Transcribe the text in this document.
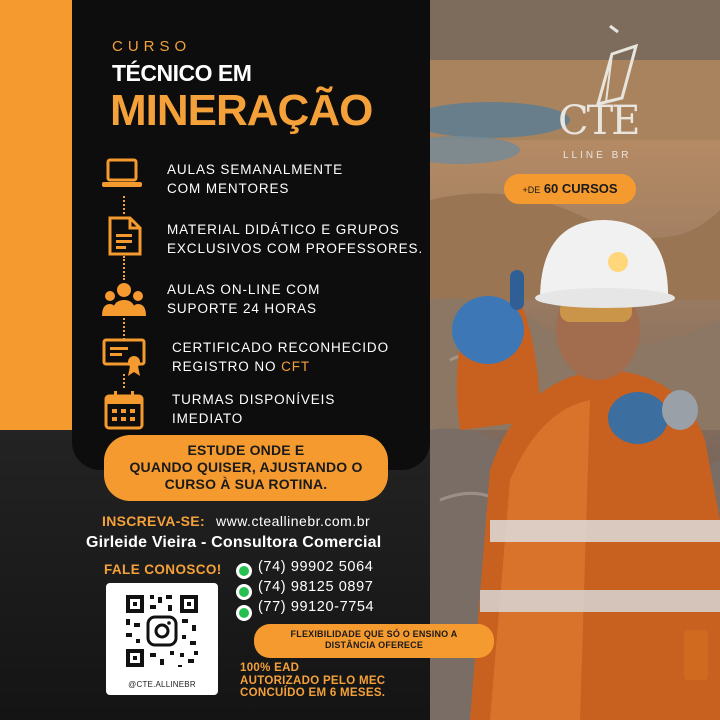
CTE
LLINE BR
+DE 60 CURSOS
CURSO
TÉCNICO EM
MINERAÇÃO
AULAS SEMANALMENTE
COM MENTORES
MATERIAL DIDÁTICO E GRUPOS
EXCLUSIVOS COM PROFESSORES.
AULAS ON-LINE COM
SUPORTE 24 HORAS
CERTIFICADO RECONHECIDO
REGISTRO NO CFT
TURMAS DISPONÍVEIS
IMEDIATO
ESTUDE ONDE E
QUANDO QUISER, AJUSTANDO O
CURSO À SUA ROTINA.
INSCREVA-SE: www.cteallinebr.com.br
Girleide Vieira - Consultora Comercial
FALE CONOSCO!	(74) 99902 5064
(74) 98125 0897
(77) 99120-7754
@CTE.ALLINEBR
FLEXIBILIDADE QUE SÓ O ENSINO A
DISTÂNCIA OFERECE
100% EAD
AUTORIZADO PELO MEC
CONCUÍDO EM 6 MESES.
